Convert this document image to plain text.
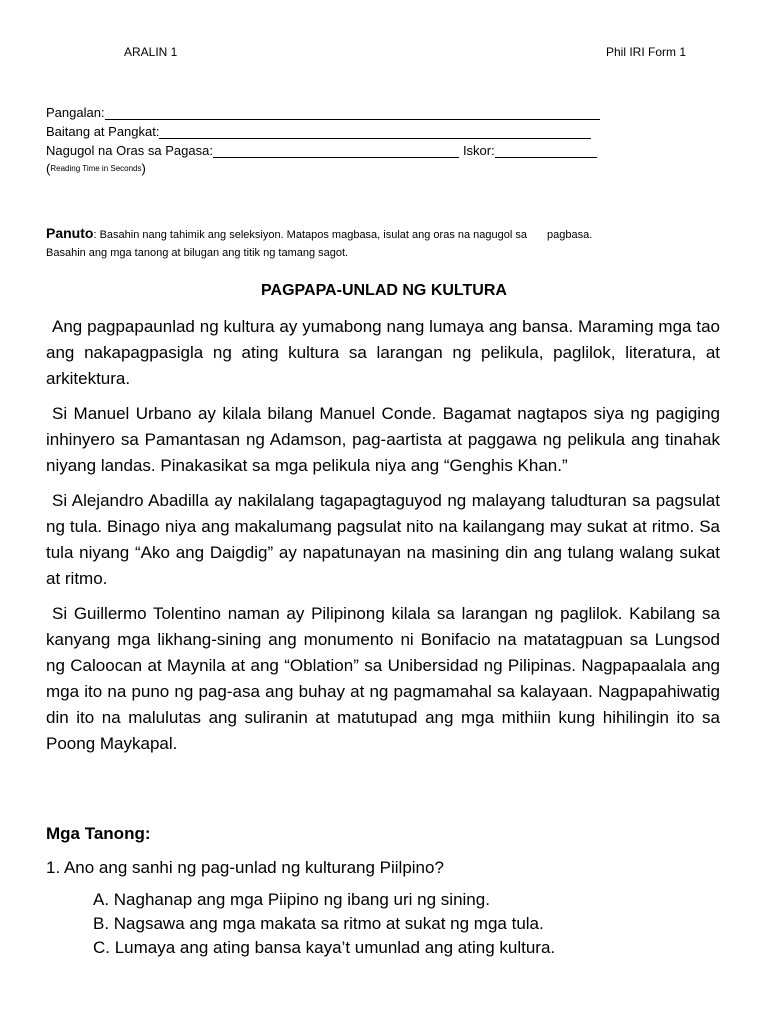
ARALIN 1	Phil IRI Form 1
Pangalan:
Baitang at Pangkat:
Nagugol na Oras sa Pagasa:	Iskor:
( Reading Time in Seconds )
Panuto: Basahin nang tahimik ang seleksiyon. Matapos magbasa, isulat ang oras na nagugol sa pagbasa.
Basahin ang mga tanong at bilugan ang titik ng tamang sagot.
PAGPAPA-UNLAD NG KULTURA

Ang pagpapaunlad ng kultura ay yumabong nang lumaya ang bansa. Maraming mga tao ang nakapagpasigla ng ating kultura sa larangan ng pelikula, paglilok, literatura, at arkitektura.

Si Manuel Urbano ay kilala bilang Manuel Conde. Bagamat nagtapos siya ng pagiging inhinyero sa Pamantasan ng Adamson, pag-aartista at paggawa ng pelikula ang tinahak niyang landas. Pinakasikat sa mga pelikula niya ang “Genghis Khan.”

Si Alejandro Abadilla ay nakilalang tagapagtaguyod ng malayang taludturan sa pagsulat ng tula. Binago niya ang makalumang pagsulat nito na kailangang may sukat at ritmo. Sa tula niyang “Ako ang Daigdig” ay napatunayan na masining din ang tulang walang sukat at ritmo.

Si Guillermo Tolentino naman ay Pilipinong kilala sa larangan ng paglilok. Kabilang sa kanyang mga likhang-sining ang monumento ni Bonifacio na matatagpuan sa Lungsod ng Caloocan at Maynila at ang “Oblation” sa Unibersidad ng Pilipinas. Nagpapaalala ang mga ito na puno ng pag-asa ang buhay at ng pagmamahal sa kalayaan. Nagpapahiwatig din ito na malulutas ang suliranin at matutupad ang mga mithiin kung hihilingin ito sa Poong Maykapal.

Mga Tanong:
1. Ano ang sanhi ng pag-unlad ng kulturang Piilpino?
A. Naghanap ang mga Piipino ng ibang uri ng sining.
B. Nagsawa ang mga makata sa ritmo at sukat ng mga tula.
C. Lumaya ang ating bansa kaya’t umunlad ang ating kultura.
